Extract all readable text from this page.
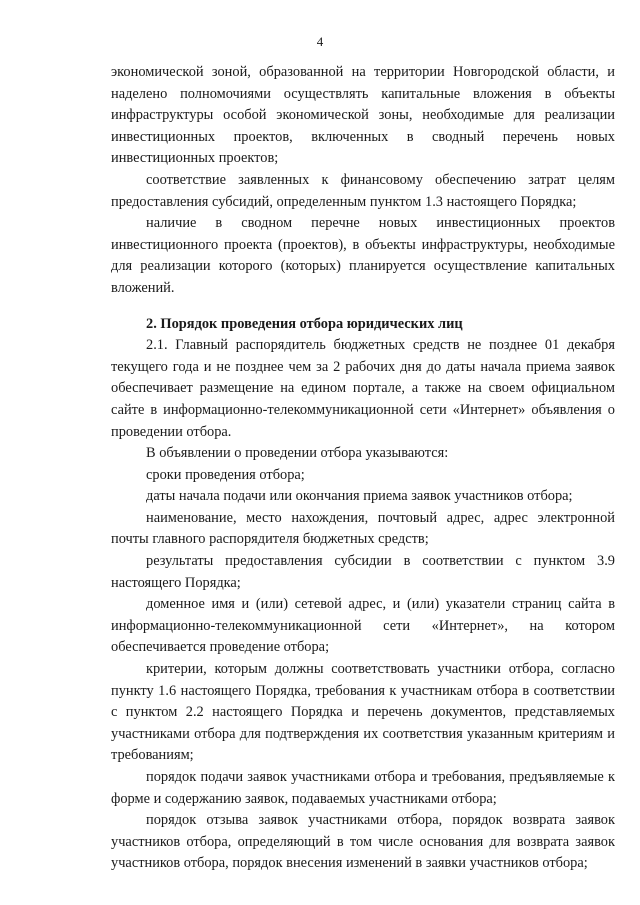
4

экономической зоной, образованной на территории Новгородской области, и наделено полномочиями осуществлять капитальные вложения в объекты инфраструктуры особой экономической зоны, необходимые для реализации инвестиционных проектов, включенных в сводный перечень новых инвестиционных проектов;

соответствие заявленных к финансовому обеспечению затрат целям предоставления субсидий, определенным пунктом 1.3 настоящего Порядка;

наличие в сводном перечне новых инвестиционных проектов инвестиционного проекта (проектов), в объекты инфраструктуры, необходимые для реализации которого (которых) планируется осуществление капитальных вложений.

2. Порядок проведения отбора юридических лиц

2.1. Главный распорядитель бюджетных средств не позднее 01 декабря текущего года и не позднее чем за 2 рабочих дня до даты начала приема заявок обеспечивает размещение на едином портале, а также на своем официальном сайте в информационно-телекоммуникационной сети «Интернет» объявления о проведении отбора.

В объявлении о проведении отбора указываются:

сроки проведения отбора;

даты начала подачи или окончания приема заявок участников отбора;

наименование, место нахождения, почтовый адрес, адрес электронной почты главного распорядителя бюджетных средств;

результаты предоставления субсидии в соответствии с пунктом 3.9 настоящего Порядка;

доменное имя и (или) сетевой адрес, и (или) указатели страниц сайта в информационно-телекоммуникационной сети «Интернет», на котором обеспечивается проведение отбора;

критерии, которым должны соответствовать участники отбора, согласно пункту 1.6 настоящего Порядка, требования к участникам отбора в соответствии с пунктом 2.2 настоящего Порядка и перечень документов, представляемых участниками отбора для подтверждения их соответствия указанным критериям и требованиям;

порядок подачи заявок участниками отбора и требования, предъявляемые к форме и содержанию заявок, подаваемых участниками отбора;

порядок отзыва заявок участниками отбора, порядок возврата заявок участников отбора, определяющий в том числе основания для возврата заявок участников отбора, порядок внесения изменений в заявки участников отбора;
